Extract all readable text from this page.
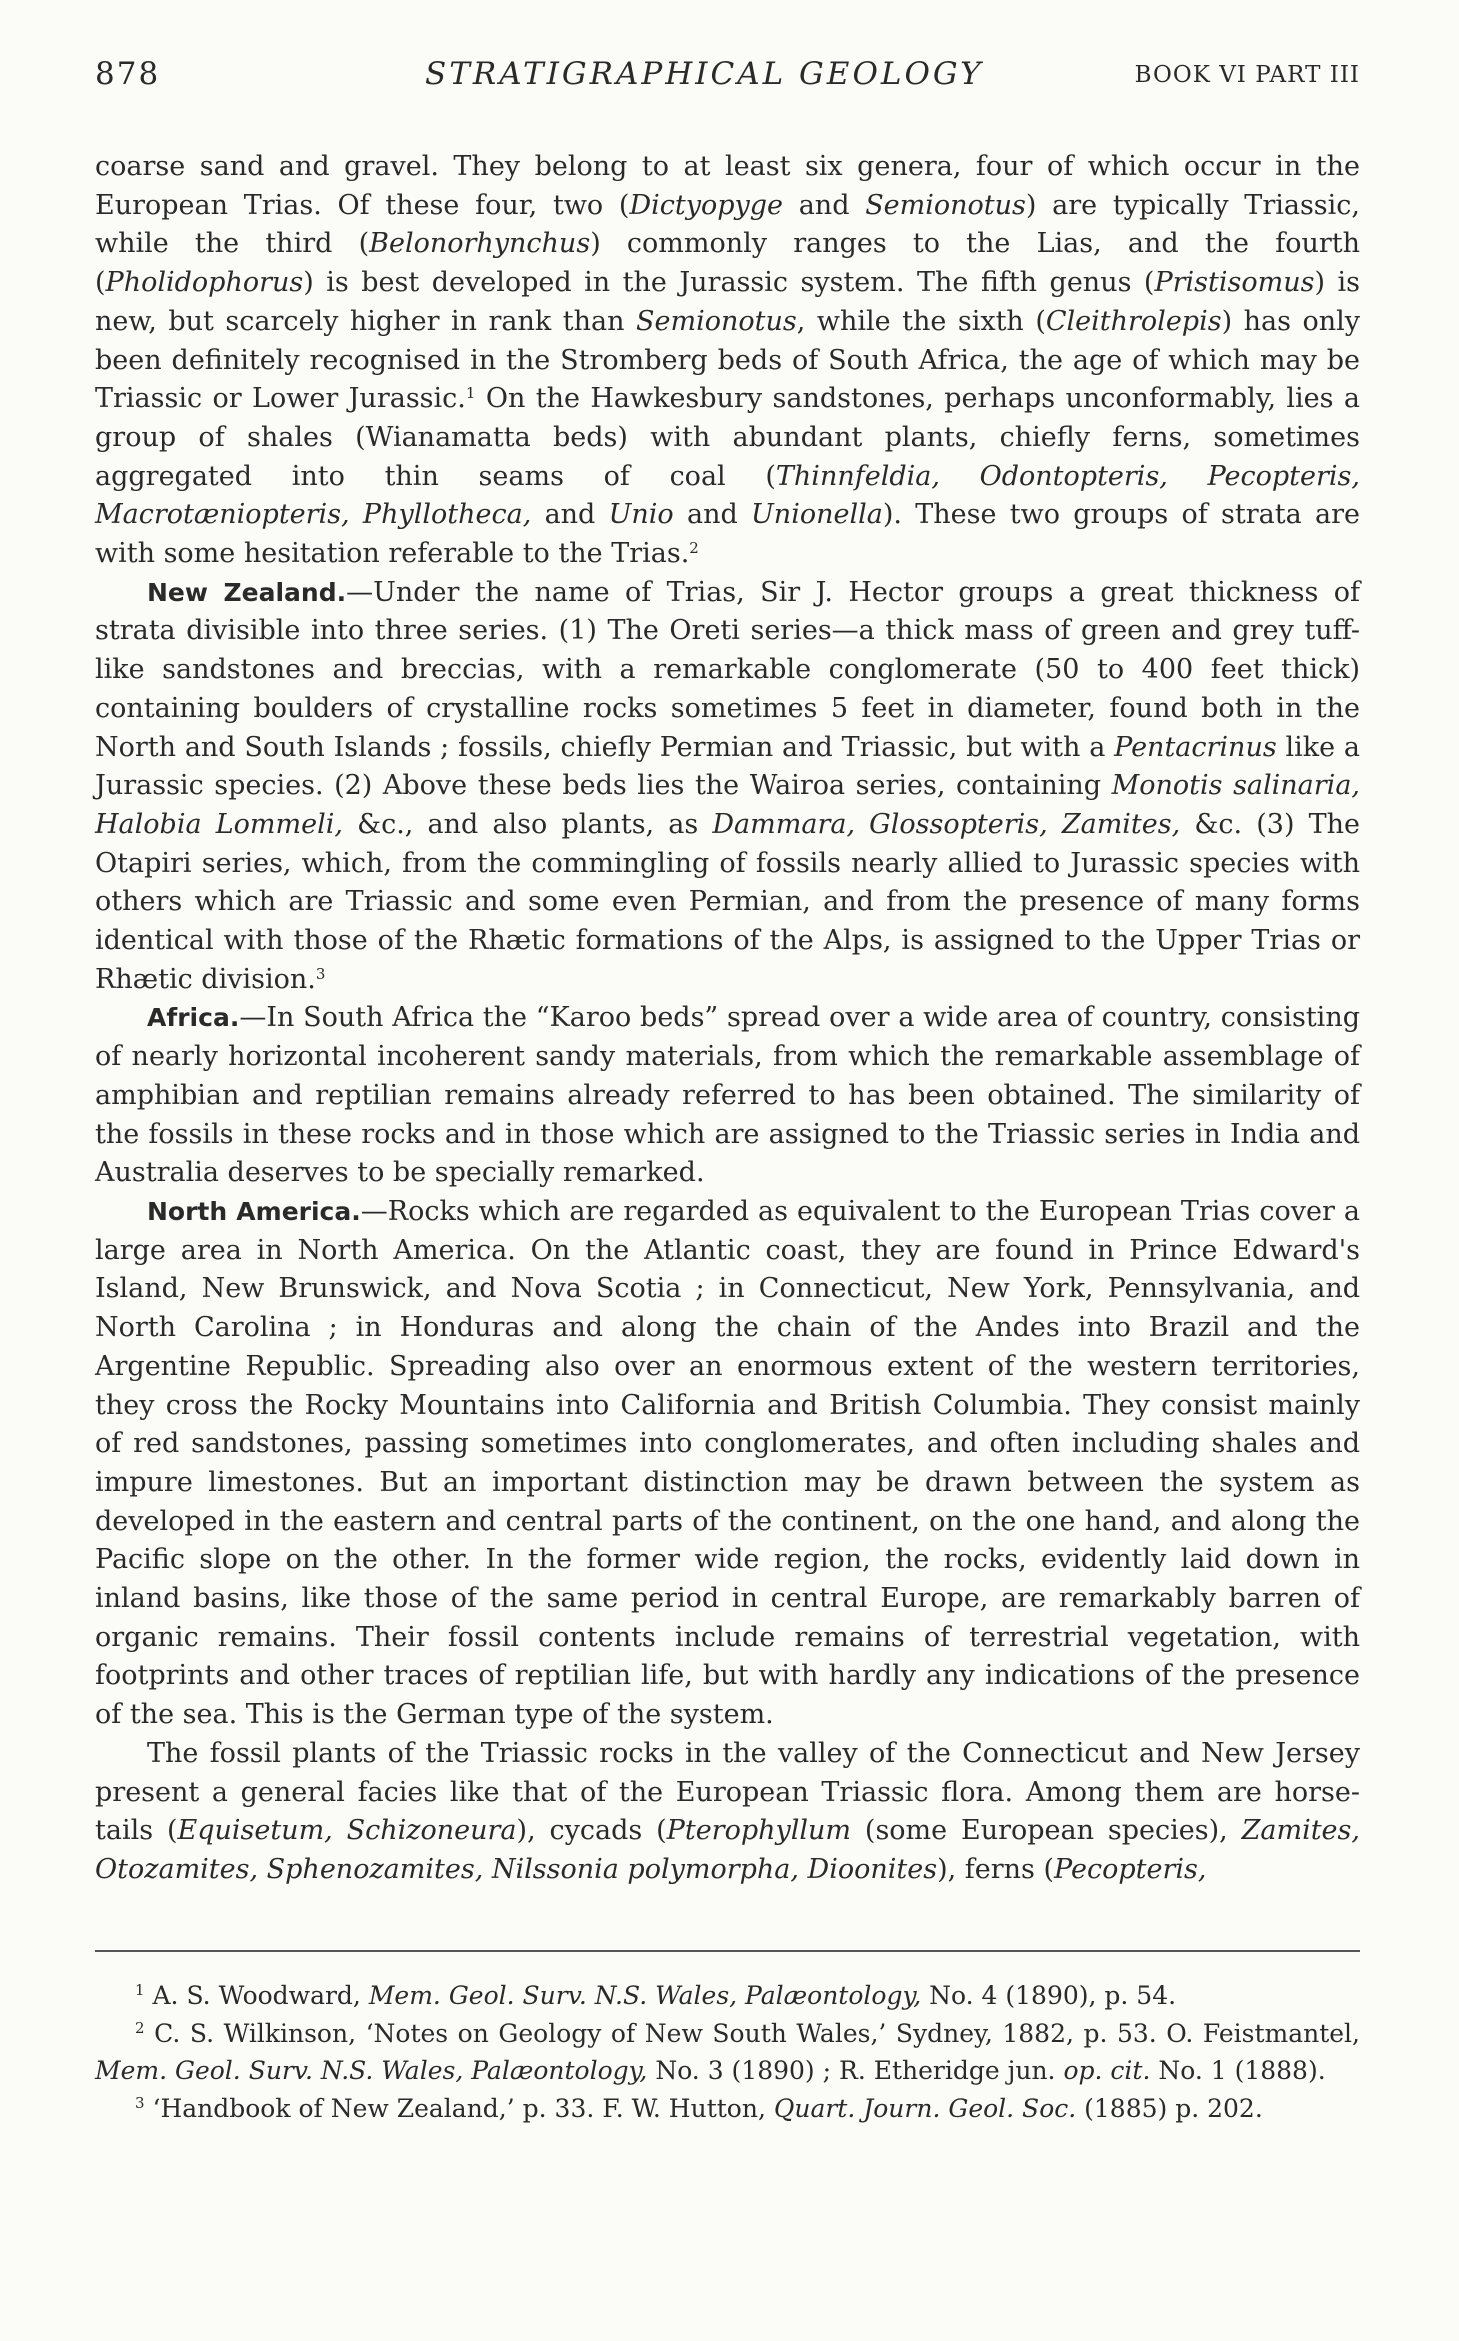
878	STRATIGRAPHICAL GEOLOGY	BOOK VI PART III

coarse sand and gravel. They belong to at least six genera, four of which occur in the European Trias. Of these four, two (Dictyopyge and Semionotus) are typically Triassic, while the third (Belonorhynchus) commonly ranges to the Lias, and the fourth (Pholidophorus) is best developed in the Jurassic system. The fifth genus (Pristisomus) is new, but scarcely higher in rank than Semionotus, while the sixth (Cleithrolepis) has only been definitely recognised in the Stromberg beds of South Africa, the age of which may be Triassic or Lower Jurassic.$^1$ On the Hawkesbury sandstones, perhaps unconformably, lies a group of shales (Wianamatta beds) with abundant plants, chiefly ferns, sometimes aggregated into thin seams of coal (Thinnfeldia, Odontopteris, Pecopteris, Macrotæniopteris, Phyllotheca, and Unio and Unionella). These two groups of strata are with some hesitation referable to the Trias.$^2$

New Zealand.—Under the name of Trias, Sir J. Hector groups a great thickness of strata divisible into three series. (1) The Oreti series—a thick mass of green and grey tuff-like sandstones and breccias, with a remarkable conglomerate (50 to 400 feet thick) containing boulders of crystalline rocks sometimes 5 feet in diameter, found both in the North and South Islands ; fossils, chiefly Permian and Triassic, but with a Pentacrinus like a Jurassic species. (2) Above these beds lies the Wairoa series, containing Monotis salinaria, Halobia Lommeli, &c., and also plants, as Dammara, Glossopteris, Zamites, &c. (3) The Otapiri series, which, from the commingling of fossils nearly allied to Jurassic species with others which are Triassic and some even Permian, and from the presence of many forms identical with those of the Rhætic formations of the Alps, is assigned to the Upper Trias or Rhætic division.$^3$

Africa.—In South Africa the “Karoo beds” spread over a wide area of country, consisting of nearly horizontal incoherent sandy materials, from which the remarkable assemblage of amphibian and reptilian remains already referred to has been obtained. The similarity of the fossils in these rocks and in those which are assigned to the Triassic series in India and Australia deserves to be specially remarked.

North America.—Rocks which are regarded as equivalent to the European Trias cover a large area in North America. On the Atlantic coast, they are found in Prince Edward's Island, New Brunswick, and Nova Scotia ; in Connecticut, New York, Pennsylvania, and North Carolina ; in Honduras and along the chain of the Andes into Brazil and the Argentine Republic. Spreading also over an enormous extent of the western territories, they cross the Rocky Mountains into California and British Columbia. They consist mainly of red sandstones, passing sometimes into conglomerates, and often including shales and impure limestones. But an important distinction may be drawn between the system as developed in the eastern and central parts of the continent, on the one hand, and along the Pacific slope on the other. In the former wide region, the rocks, evidently laid down in inland basins, like those of the same period in central Europe, are remarkably barren of organic remains. Their fossil contents include remains of terrestrial vegetation, with footprints and other traces of reptilian life, but with hardly any indications of the presence of the sea. This is the German type of the system.

The fossil plants of the Triassic rocks in the valley of the Connecticut and New Jersey present a general facies like that of the European Triassic flora. Among them are horse-tails (Equisetum, Schizoneura), cycads (Pterophyllum (some European species), Zamites, Otozamites, Sphenozamites, Nilssonia polymorpha, Dioonites), ferns (Pecopteris,

$^1$ A. S. Woodward, Mem. Geol. Surv. N.S. Wales, Palæontology, No. 4 (1890), p. 54.

$^2$ C. S. Wilkinson, ‘Notes on Geology of New South Wales,’ Sydney, 1882, p. 53. O. Feistmantel, Mem. Geol. Surv. N.S. Wales, Palæontology, No. 3 (1890) ; R. Etheridge jun. op. cit. No. 1 (1888).

$^3$ ‘Handbook of New Zealand,’ p. 33. F. W. Hutton, Quart. Journ. Geol. Soc. (1885) p. 202.
